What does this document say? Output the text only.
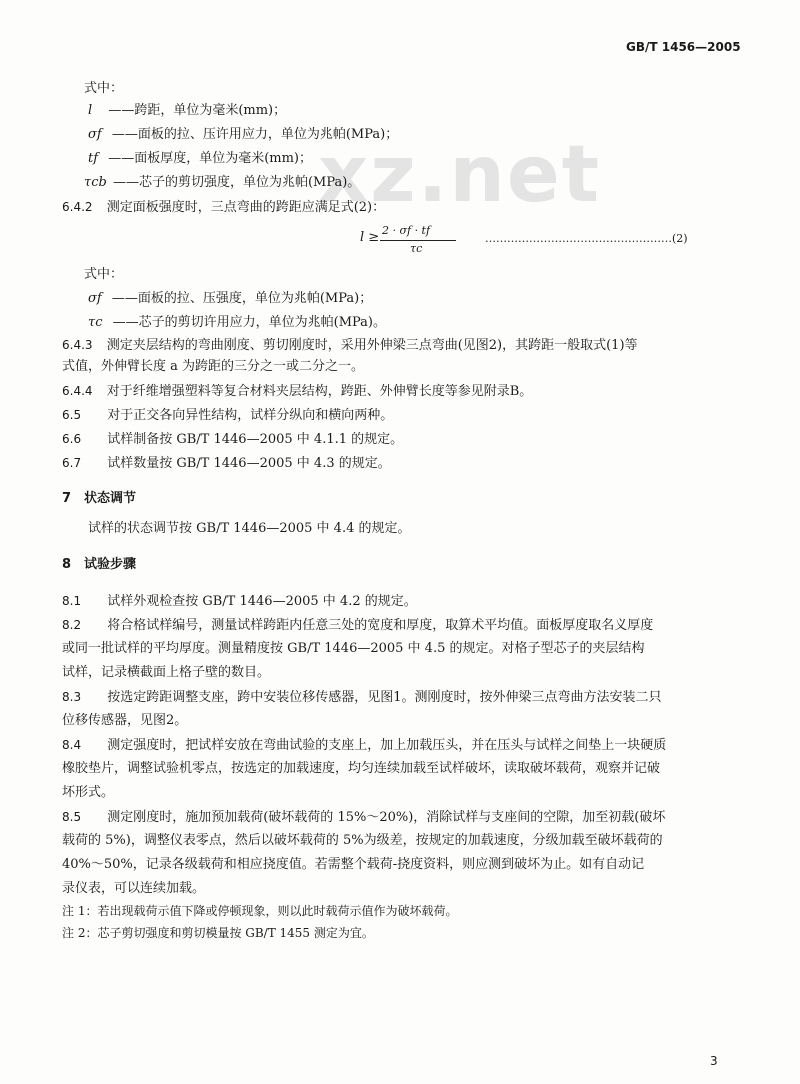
xz.net
GB/T 1456—2005
式中：
l ——跨距，单位为毫米(mm)；
σf ——面板的拉、压许用应力，单位为兆帕(MPa)；
tf ——面板厚度，单位为毫米(mm)；
τcb ——芯子的剪切强度，单位为兆帕(MPa)。
6.4.2 测定面板强度时，三点弯曲的跨距应满足式(2)：
l ≥ 2 · σf · tf
τc
……………………………………………(2)
式中：
σf ——面板的拉、压强度，单位为兆帕(MPa)；
τc ——芯子的剪切许用应力，单位为兆帕(MPa)。
6.4.3 测定夹层结构的弯曲刚度、剪切刚度时，采用外伸梁三点弯曲(见图2)，其跨距一般取式(1)等
式值，外伸臂长度 a 为跨距的三分之一或二分之一。
6.4.4 对于纤维增强塑料等复合材料夹层结构，跨距、外伸臂长度等参见附录B。
6.5 对于正交各向异性结构，试样分纵向和横向两种。
6.6 试样制备按 GB/T 1446—2005 中 4.1.1 的规定。
6.7 试样数量按 GB/T 1446—2005 中 4.3 的规定。
7　状态调节
试样的状态调节按 GB/T 1446—2005 中 4.4 的规定。
8　试验步骤
8.1 试样外观检查按 GB/T 1446—2005 中 4.2 的规定。
8.2 将合格试样编号，测量试样跨距内任意三处的宽度和厚度，取算术平均值。面板厚度取名义厚度
或同一批试样的平均厚度。测量精度按 GB/T 1446—2005 中 4.5 的规定。对格子型芯子的夹层结构
试样，记录横截面上格子壁的数目。
8.3 按选定跨距调整支座，跨中安装位移传感器，见图1。测刚度时，按外伸梁三点弯曲方法安装二只
位移传感器，见图2。
8.4 测定强度时，把试样安放在弯曲试验的支座上，加上加载压头，并在压头与试样之间垫上一块硬质
橡胶垫片，调整试验机零点，按选定的加载速度，均匀连续加载至试样破坏，读取破坏载荷，观察并记破
坏形式。
8.5 测定刚度时，施加预加载荷(破坏载荷的 15%～20%)，消除试样与支座间的空隙，加至初载(破坏
载荷的 5%)，调整仪表零点，然后以破坏载荷的 5%为级差，按规定的加载速度，分级加载至破坏载荷的
40%～50%，记录各级载荷和相应挠度值。若需整个载荷-挠度资料，则应测到破坏为止。如有自动记
录仪表，可以连续加载。
注 1：若出现载荷示值下降或停顿现象，则以此时载荷示值作为破坏载荷。
注 2：芯子剪切强度和剪切模量按 GB/T 1455 测定为宜。
3
